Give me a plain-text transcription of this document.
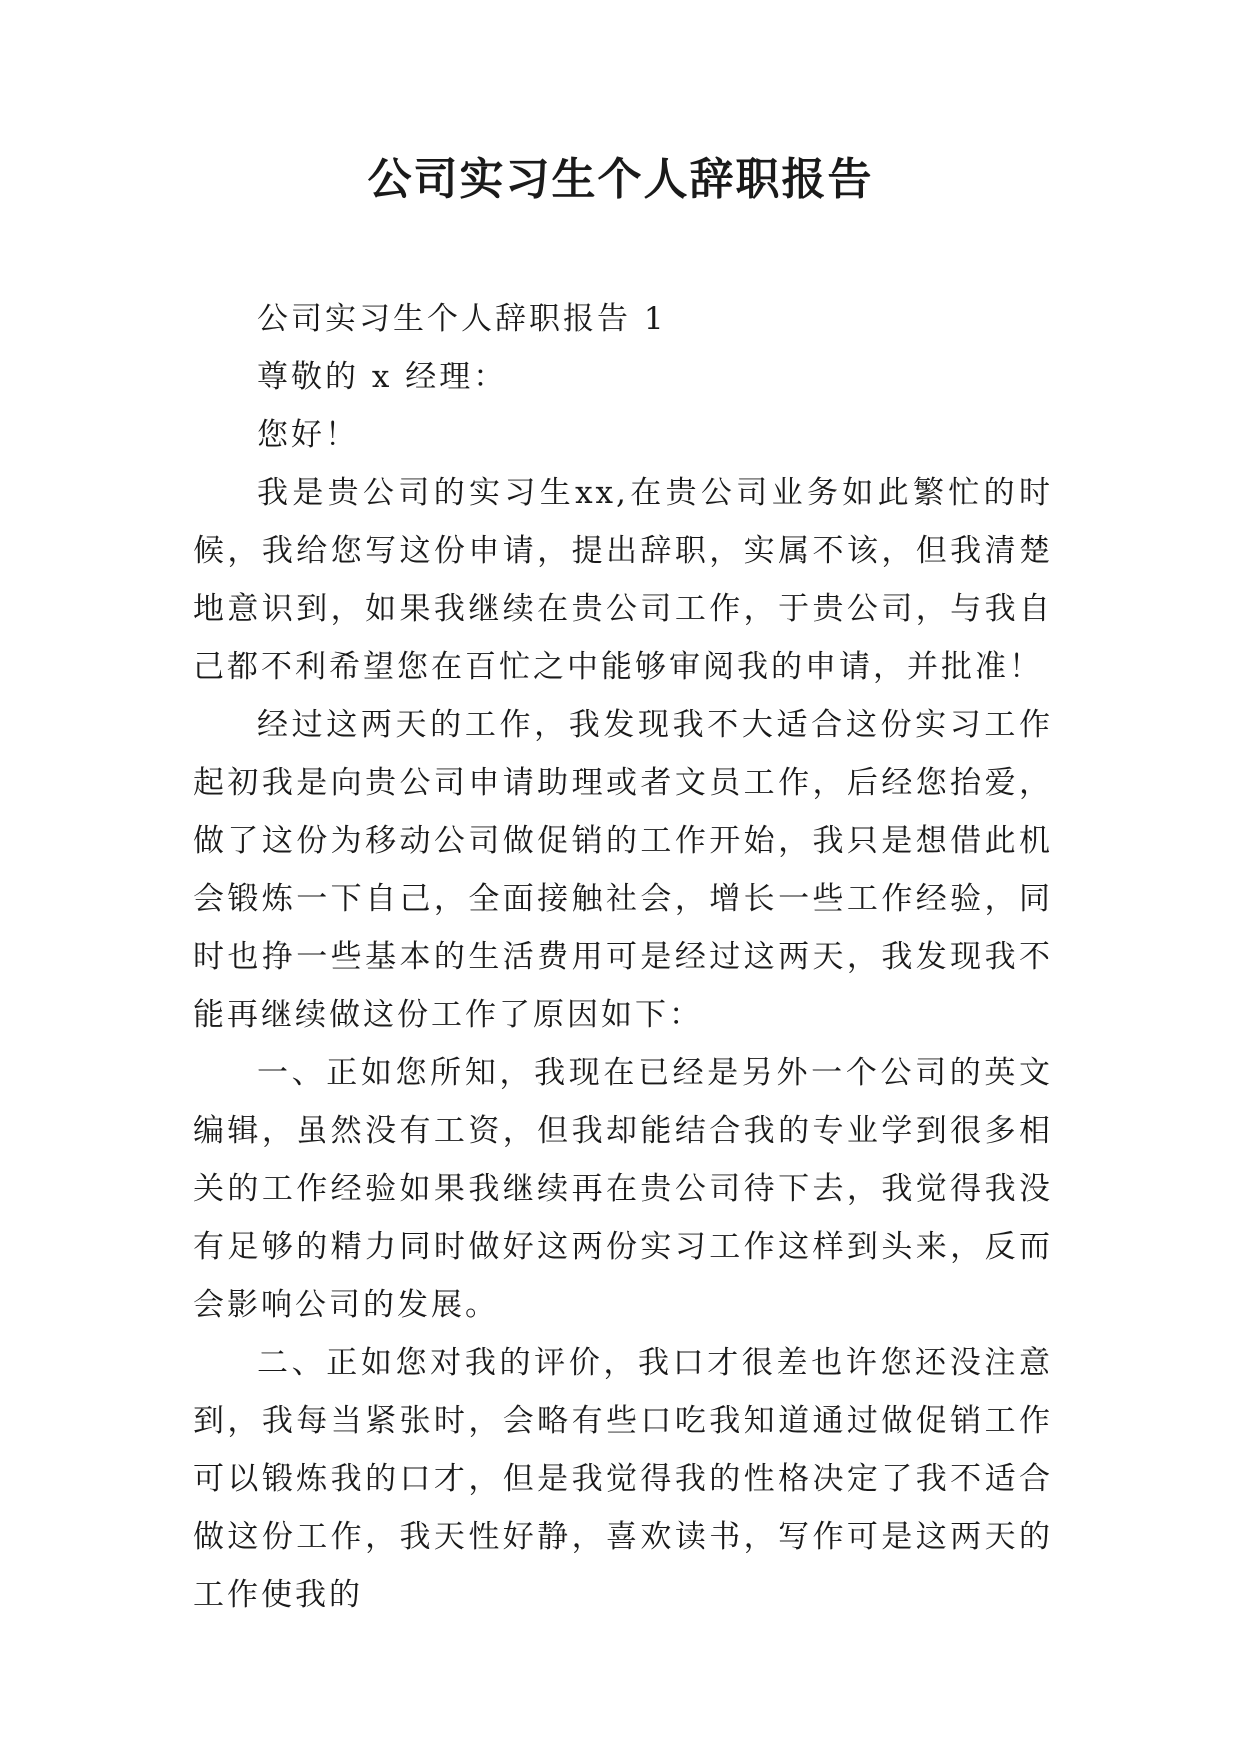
公司实习生个人辞职报告

公司实习生个人辞职报告 1

尊敬的 x 经理：

您好！

我是贵公司的实习生xx,在贵公司业务如此繁忙的时候，我给您写这份申请，提出辞职，实属不该，但我清楚地意识到，如果我继续在贵公司工作，于贵公司，与我自己都不利希望您在百忙之中能够审阅我的申请，并批准！

经过这两天的工作，我发现我不大适合这份实习工作起初我是向贵公司申请助理或者文员工作，后经您抬爱，做了这份为移动公司做促销的工作开始，我只是想借此机会锻炼一下自己，全面接触社会，增长一些工作经验，同时也挣一些基本的生活费用可是经过这两天，我发现我不能再继续做这份工作了原因如下：

一、正如您所知，我现在已经是另外一个公司的英文编辑，虽然没有工资，但我却能结合我的专业学到很多相关的工作经验如果我继续再在贵公司待下去，我觉得我没有足够的精力同时做好这两份实习工作这样到头来，反而会影响公司的发展。

二、正如您对我的评价，我口才很差也许您还没注意到，我每当紧张时，会略有些口吃我知道通过做促销工作可以锻炼我的口才，但是我觉得我的性格决定了我不适合做这份工作，我天性好静，喜欢读书，写作可是这两天的工作使我的
